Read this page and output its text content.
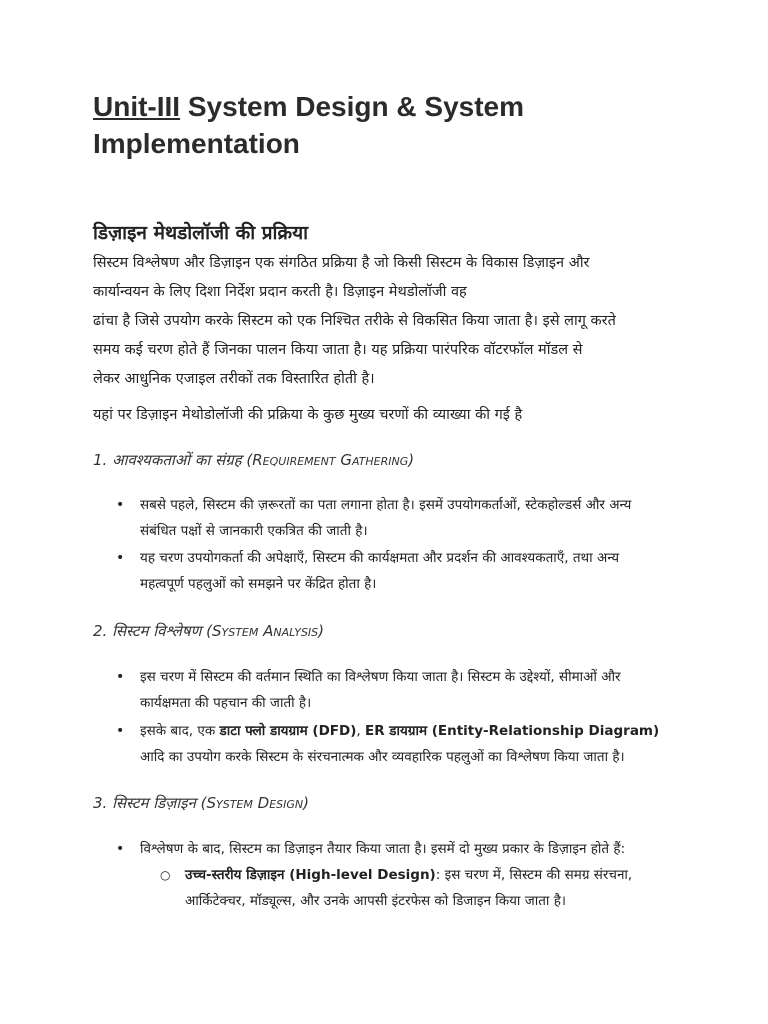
Unit-III System Design & System
Implementation
डिज़ाइन मेथडोलॉजी की प्रक्रिया
सिस्टम विश्लेषण और डिज़ाइन एक संगठित प्रक्रिया है जो किसी सिस्टम के विकास डिज़ाइन और
कार्यान्वयन के लिए दिशा निर्देश प्रदान करती है। डिज़ाइन मेथडोलॉजी वह
ढांचा है जिसे उपयोग करके सिस्टम को एक निश्चित तरीके से विकसित किया जाता है। इसे लागू करते
समय कई चरण होते हैं जिनका पालन किया जाता है। यह प्रक्रिया पारंपरिक वॉटरफॉल मॉडल से
लेकर आधुनिक एजाइल तरीकों तक विस्तारित होती है।
यहां पर डिज़ाइन मेथोडोलॉजी की प्रक्रिया के कुछ मुख्य चरणों की व्याख्या की गई है
1. आवश्यकताओं का संग्रह (Requirement Gathering)
• सबसे पहले, सिस्टम की ज़रूरतों का पता लगाना होता है। इसमें उपयोगकर्ताओं, स्टेकहोल्डर्स और अन्य
संबंधित पक्षों से जानकारी एकत्रित की जाती है।
• यह चरण उपयोगकर्ता की अपेक्षाएँ, सिस्टम की कार्यक्षमता और प्रदर्शन की आवश्यकताएँ, तथा अन्य
महत्वपूर्ण पहलुओं को समझने पर केंद्रित होता है।
2. सिस्टम विश्लेषण (System Analysis)
• इस चरण में सिस्टम की वर्तमान स्थिति का विश्लेषण किया जाता है। सिस्टम के उद्देश्यों, सीमाओं और
कार्यक्षमता की पहचान की जाती है।
• इसके बाद, एक डाटा फ्लो डायग्राम (DFD), ER डायग्राम (Entity-Relationship Diagram)
आदि का उपयोग करके सिस्टम के संरचनात्मक और व्यवहारिक पहलुओं का विश्लेषण किया जाता है।
3. सिस्टम डिज़ाइन (System Design)
• विश्लेषण के बाद, सिस्टम का डिज़ाइन तैयार किया जाता है। इसमें दो मुख्य प्रकार के डिज़ाइन होते हैं:
○ उच्च-स्तरीय डिज़ाइन (High-level Design): इस चरण में, सिस्टम की समग्र संरचना,
आर्किटेक्चर, मॉड्यूल्स, और उनके आपसी इंटरफेस को डिजाइन किया जाता है।
